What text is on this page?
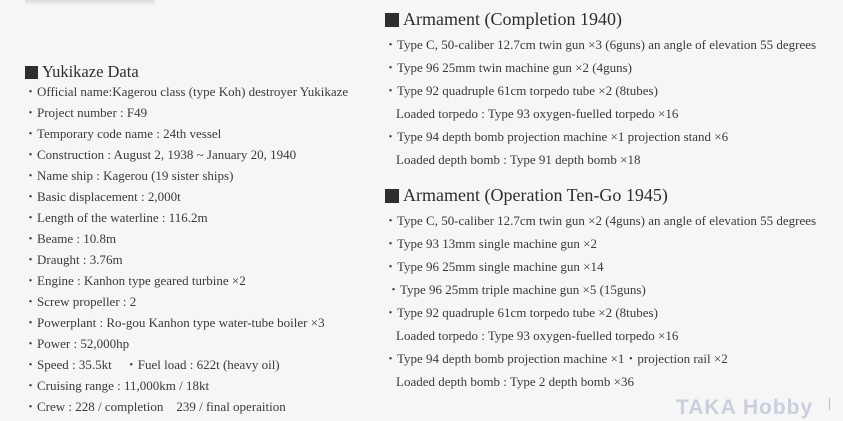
Yukikaze Data
・Official name:Kagerou class (type Koh) destroyer Yukikaze
・Project number : F49
・Temporary code name : 24th vessel
・Construction : August 2, 1938 ~ January 20, 1940
・Name ship : Kagerou (19 sister ships)
・Basic displacement : 2,000t
・Length of the waterline : 116.2m
・Beame : 10.8m
・Draught : 3.76m
・Engine : Kanhon type geared turbine ×2
・Screw propeller : 2
・Powerplant : Ro-gou Kanhon type water-tube boiler ×3
・Power : 52,000hp
・Speed : 35.5kt　・Fuel load : 622t (heavy oil)
・Cruising range : 11,000km / 18kt
・Crew : 228 / completion　239 / final operaition
Armament (Completion 1940)
・Type C, 50-caliber 12.7cm twin gun ×3 (6guns) an angle of elevation 55 degrees
・Type 96 25mm twin machine gun ×2 (4guns)
・Type 92 quadruple 61cm torpedo tube ×2 (8tubes)
Loaded torpedo : Type 93 oxygen-fuelled torpedo ×16
・Type 94 depth bomb projection machine ×1 projection stand ×6
Loaded depth bomb : Type 91 depth bomb ×18
Armament (Operation Ten-Go 1945)
・Type C, 50-caliber 12.7cm twin gun ×2 (4guns) an angle of elevation 55 degrees
・Type 93 13mm single machine gun ×2
・Type 96 25mm single machine gun ×14
・Type 96 25mm triple machine gun ×5 (15guns)
・Type 92 quadruple 61cm torpedo tube ×2 (8tubes)
Loaded torpedo : Type 93 oxygen-fuelled torpedo ×16
・Type 94 depth bomb projection machine ×1・projection rail ×2
Loaded depth bomb : Type 2 depth bomb ×36
TAKA Hobby
